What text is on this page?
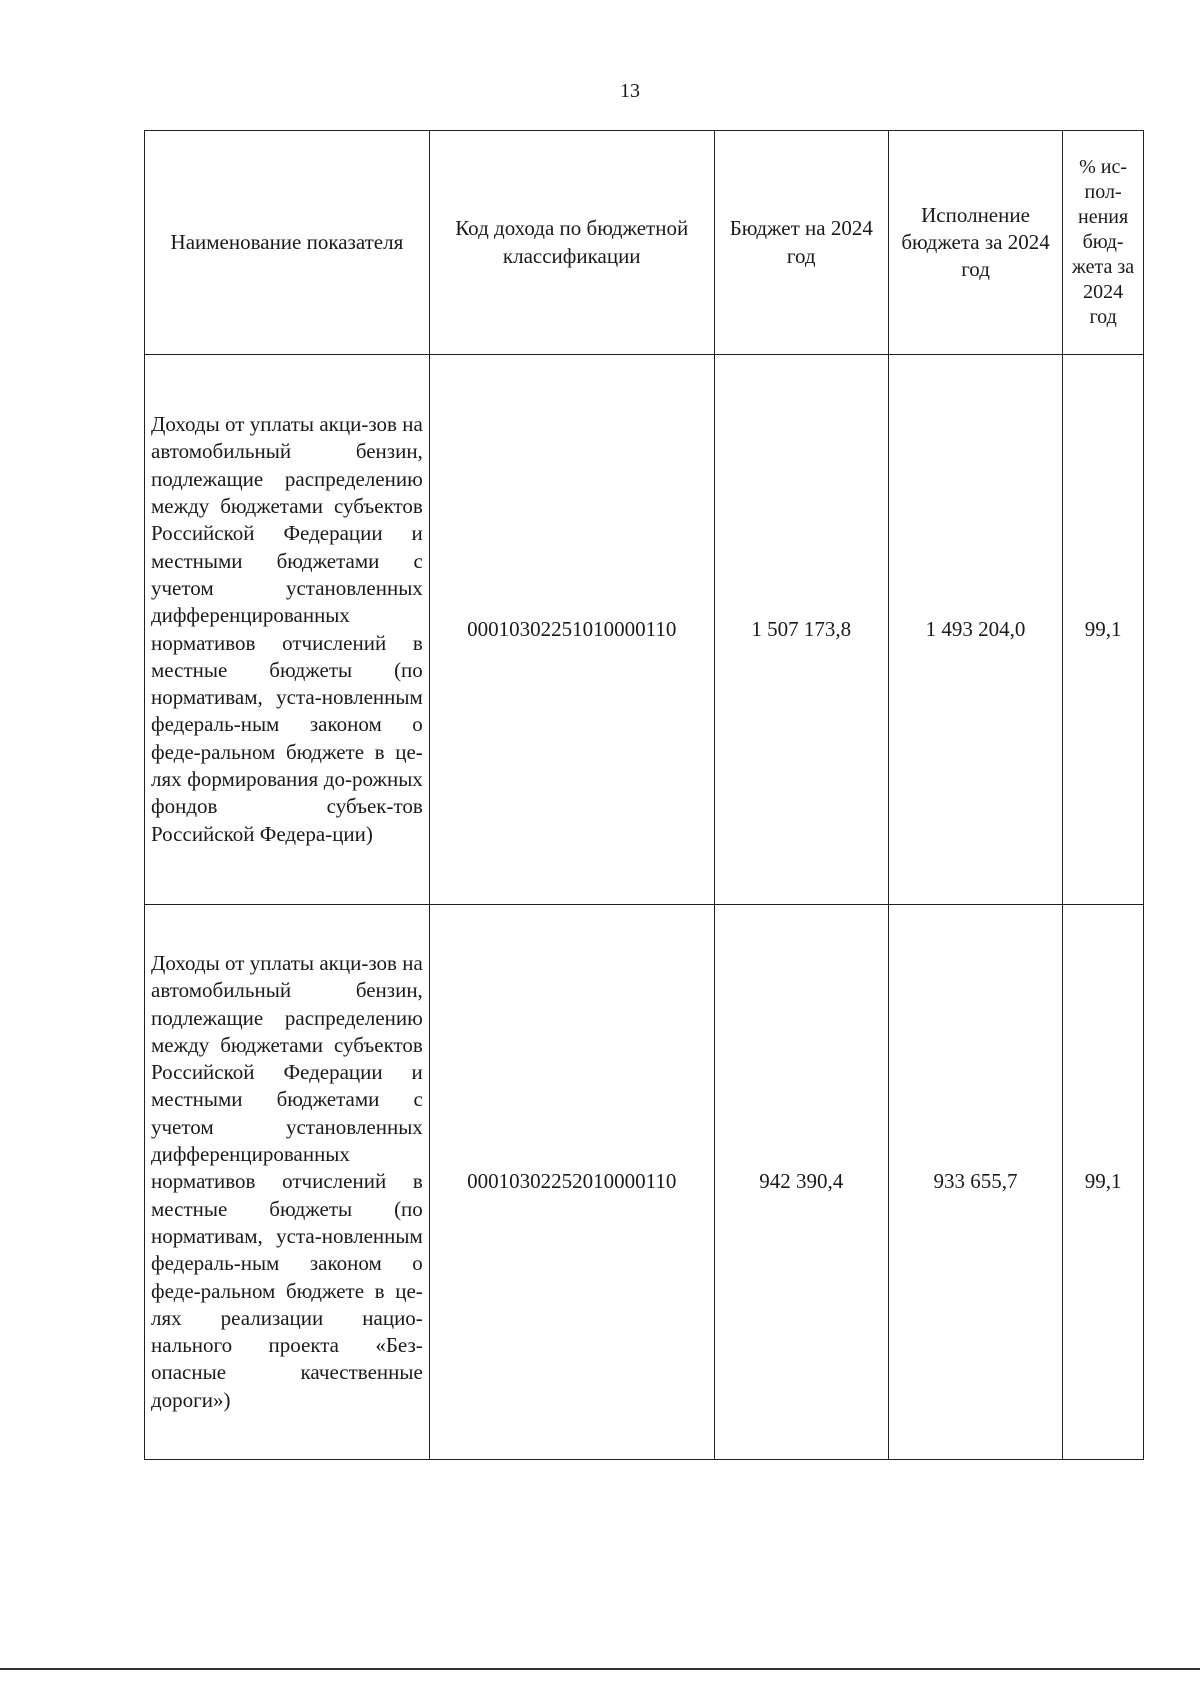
13
Наименование показателя	Код дохода по бюджетной классификации	Бюджет на 2024 год	Исполнение бюджета за 2024 год	% ис-пол-нения бюд-жета за 2024 год
Доходы от уплаты акци-зов на автомобильный бензин, подлежащие распределению между бюджетами субъектов Российской Федерации и местными бюджетами с учетом установленных дифференцированных нормативов отчислений в местные бюджеты (по нормативам, уста-новленным федераль-ным законом о феде-ральном бюджете в це-лях формирования до-рожных фондов субъек-тов Российской Федера-ции)	00010302251010000110	1 507 173,8	1 493 204,0	99,1
Доходы от уплаты акци-зов на автомобильный бензин, подлежащие распределению между бюджетами субъектов Российской Федерации и местными бюджетами с учетом установленных дифференцированных нормативов отчислений в местные бюджеты (по нормативам, уста-новленным федераль-ным законом о феде-ральном бюджете в це-лях реализации нацио-нального проекта «Без-опасные качественные дороги»)	00010302252010000110	942 390,4	933 655,7	99,1
